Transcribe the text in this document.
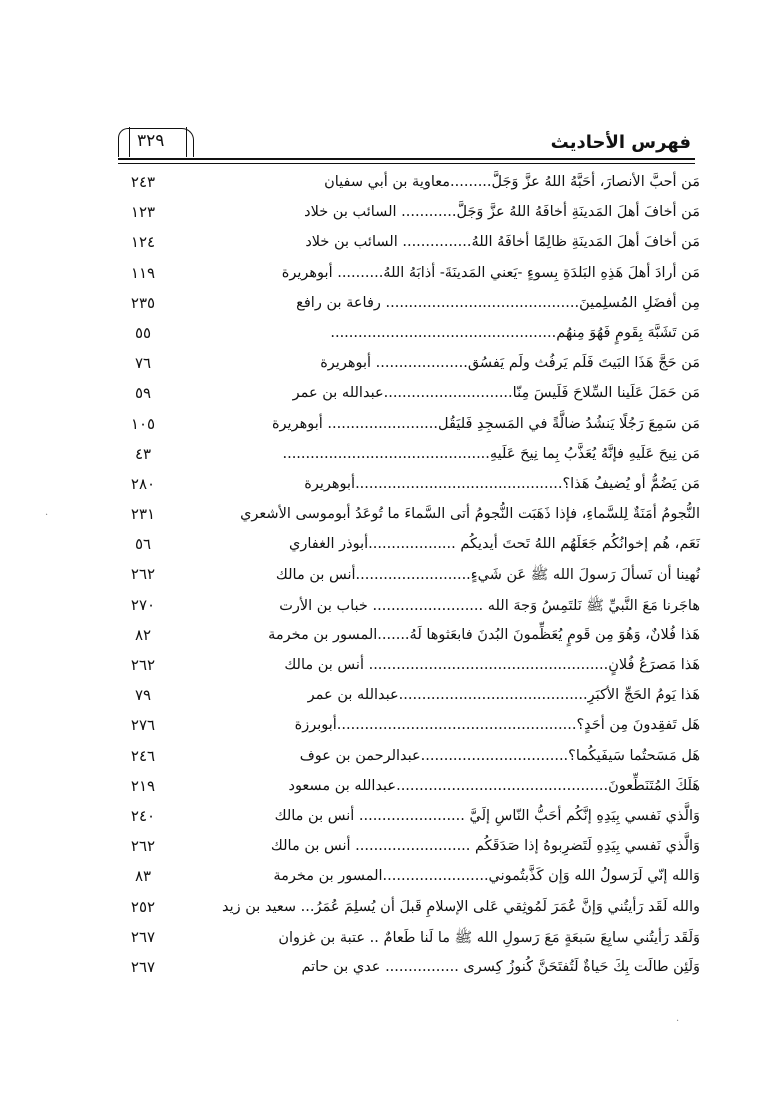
٣٢٩	فهرس الأحاديث
مَن أحبَّ الأنصارَ، أحَبَّهُ اللهُ عزَّ وَجَلَّ.........معاوية بن أبي سفيان
٢٤٣
مَن أخافَ أهلَ المَدينَةِ أخافَهُ اللهُ عزَّ وَجَلَّ............ السائب بن خلاد
١٢٣
مَن أخافَ أهلَ المَدينَةِ ظالِمًا أخافَهُ اللهُ............... السائب بن خلاد
١٢٤
مَن أرادَ أهلَ هَذِهِ البَلدَةِ بِسوءٍ -يَعني المَدينَةَ- أذابَهُ اللهُ.......... أبوهريرة
١١٩
مِن أفضَلِ المُسلِمينَ.......................................... رفاعة بن رافع
٢٣٥
مَن تَشَبَّهَ بِقَومٍ فَهُوَ مِنهُم.................................................
٥٥
مَن حَجَّ هَذَا البَيتَ فَلَم يَرفُث ولَم يَفسُق.................... أبوهريرة
٧٦
مَن حَمَلَ عَلَينا السِّلاحَ فَلَيسَ مِنّا............................عبدالله بن عمر
٥٩
مَن سَمِعَ رَجُلًا يَنشُدُ ضالَّةً في المَسجِدِ فَليَقُل........................ أبوهريرة
١٠٥
مَن نِيحَ عَلَيهِ فإنَّهُ يُعَذَّبُ بِما نِيحَ عَلَيهِ.............................................
٤٣
مَن يَضُمُّ أو يُضيفُ هَذا؟.............................................أبوهريرة
٢٨٠
النُّجومُ أمَنَةٌ لِلسَّماءِ، فإذا ذَهَبَت النُّجومُ أتى السَّماءَ ما تُوعَدُ أبوموسى الأشعري
٢٣١
نَعَم، هُم إخوانُكُم جَعَلَهُم اللهُ تَحتَ أيديكُم ...................أبوذر الغفاري
٥٦
نُهينا أن نَسألَ رَسولَ الله ﷺ عَن شَيءٍ.........................أنس بن مالك
٢٦٢
هاجَرنا مَعَ النَّبيِّ ﷺ نَلتَمِسُ وَجهَ الله ........................ خباب بن الأرت
٢٧٠
هَذا فُلانٌ، وَهُوَ مِن قَومٍ يُعَظِّمونَ البُدنَ فابعَثوها لَهُ.......المسور بن مخرمة
٨٢
هَذا مَصرَعُ فُلانٍ.................................................... أنس بن مالك
٢٦٢
هَذا يَومُ الحَجِّ الأكبَرِ.........................................عبدالله بن عمر
٧٩
هَل تَفقِدونَ مِن أحَدٍ؟....................................................أبوبرزة
٢٧٦
هَل مَسَحتُما سَيفَيكُما؟................................عبدالرحمن بن عوف
٢٤٦
هَلَكَ المُتَنَطِّعونَ..............................................عبدالله بن مسعود
٢١٩
وَالَّذي نَفسي بِيَدِهِ إنَّكُم أحَبُّ النّاسِ إلَيَّ ....................... أنس بن مالك
٢٤٠
وَالَّذي نَفسي بِيَدِهِ لَتَضرِبوهُ إذا صَدَقَكُم ......................... أنس بن مالك
٢٦٢
وَالله إنّي لَرَسولُ الله وَإن كَذَّبتُموني.......................المسور بن مخرمة
٨٣
والله لَقَد رَأيتُني وَإنَّ عُمَرَ لَمُوثِقي عَلى الإسلامِ قَبلَ أن يُسلِمَ عُمَرُ... سعيد بن زيد
٢٥٢
وَلَقَد رَأيتُني سابِعَ سَبعَةٍ مَعَ رَسولِ الله ﷺ ما لَنا طَعامٌ .. عتبة بن غزوان
٢٦٧
وَلَئِن طالَت بِكَ حَياةٌ لَتُفتَحَنَّ كُنوزُ كِسرى ................ عدي بن حاتم
٢٦٧
·
·
